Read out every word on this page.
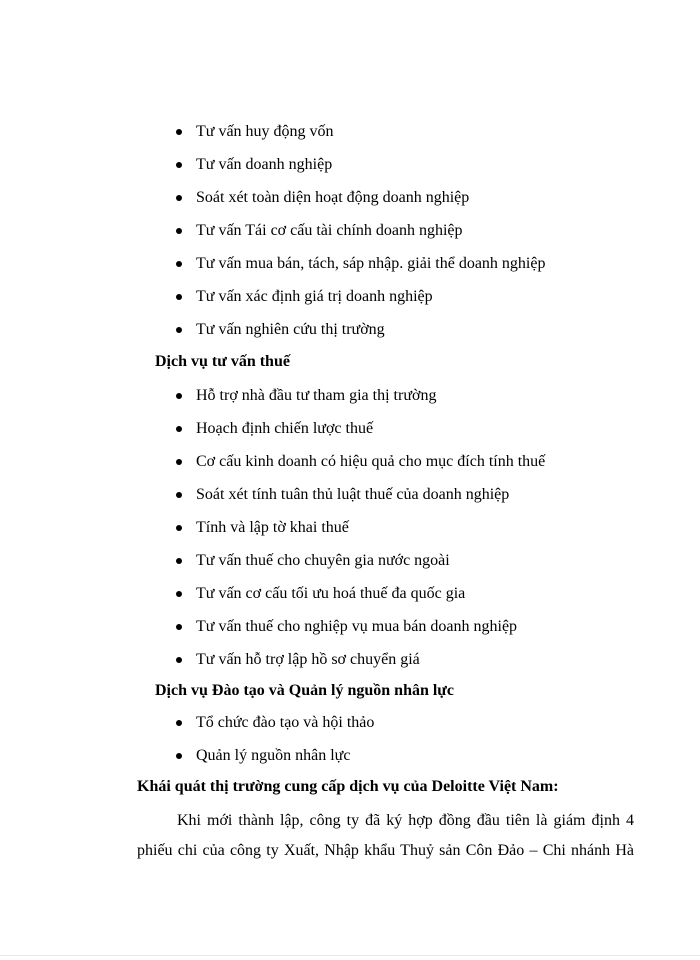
Tư vấn huy động vốn
Tư vấn doanh nghiệp
Soát xét toàn diện hoạt động doanh nghiệp
Tư vấn Tái cơ cấu tài chính doanh nghiệp
Tư vấn mua bán, tách, sáp nhập. giải thể doanh nghiệp
Tư vấn xác định giá trị doanh nghiệp
Tư vấn nghiên cứu thị trường
Dịch vụ tư vấn thuế
Hỗ trợ nhà đầu tư tham gia thị trường
Hoạch định chiến lược thuế
Cơ cấu kinh doanh có hiệu quả cho mục đích tính thuế
Soát xét tính tuân thủ luật thuế của doanh nghiệp
Tính và lập tờ khai thuế
Tư vấn thuế cho chuyên gia nước ngoài
Tư vấn cơ cấu tối ưu hoá thuế đa quốc gia
Tư vấn thuế cho nghiệp vụ mua bán doanh nghiệp
Tư vấn hỗ trợ lập hồ sơ chuyển giá
Dịch vụ Đào tạo và Quản lý nguồn nhân lực
Tổ chức đào tạo và hội thảo
Quản lý nguồn nhân lực
Khái quát thị trường cung cấp dịch vụ của Deloitte Việt Nam:
Khi mới thành lập, công ty đã ký hợp đồng đầu tiên là giám định 4
phiếu chi của công ty Xuất, Nhập khẩu Thuỷ sản Côn Đảo – Chi nhánh Hà
